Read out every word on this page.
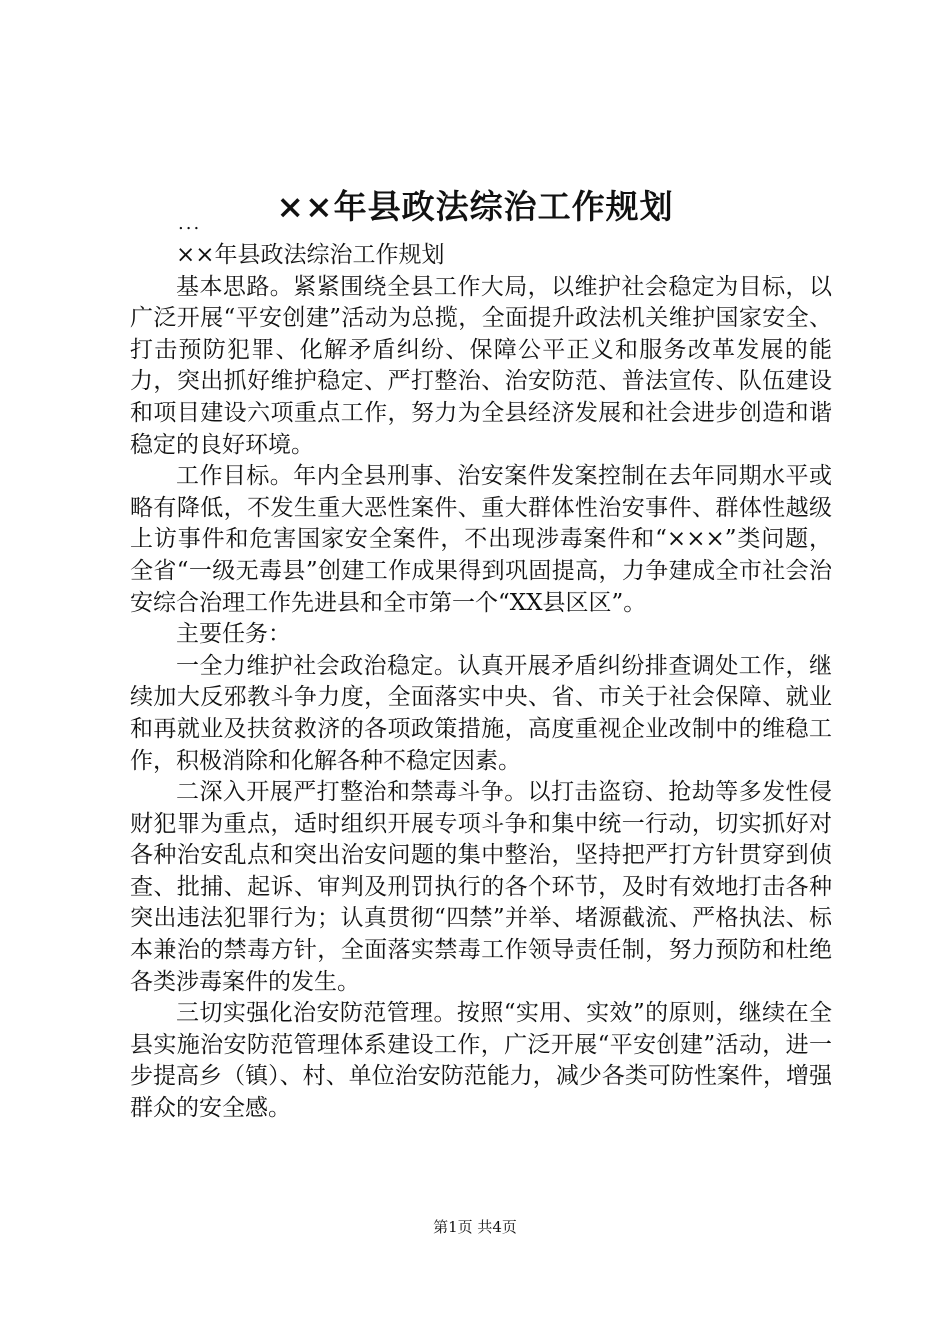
××年县政法综治工作规划
...

××年县政法综治工作规划

基本思路。紧紧围绕全县工作大局，以维护社会稳定为目标，以广泛开展“平安创建”活动为总揽，全面提升政法机关维护国家安全、打击预防犯罪、化解矛盾纠纷、保障公平正义和服务改革发展的能力，突出抓好维护稳定、严打整治、治安防范、普法宣传、队伍建设和项目建设六项重点工作，努力为全县经济发展和社会进步创造和谐稳定的良好环境。

工作目标。年内全县刑事、治安案件发案控制在去年同期水平或略有降低，不发生重大恶性案件、重大群体性治安事件、群体性越级上访事件和危害国家安全案件，不出现涉毒案件和“×××”类问题，全省“一级无毒县”创建工作成果得到巩固提高，力争建成全市社会治安综合治理工作先进县和全市第一个“XX县区区”。

主要任务：

一全力维护社会政治稳定。认真开展矛盾纠纷排查调处工作，继续加大反邪教斗争力度，全面落实中央、省、市关于社会保障、就业和再就业及扶贫救济的各项政策措施，高度重视企业改制中的维稳工作，积极消除和化解各种不稳定因素。

二深入开展严打整治和禁毒斗争。以打击盗窃、抢劫等多发性侵财犯罪为重点，适时组织开展专项斗争和集中统一行动，切实抓好对各种治安乱点和突出治安问题的集中整治，坚持把严打方针贯穿到侦查、批捕、起诉、审判及刑罚执行的各个环节，及时有效地打击各种突出违法犯罪行为；认真贯彻“四禁”并举、堵源截流、严格执法、标本兼治的禁毒方针，全面落实禁毒工作领导责任制，努力预防和杜绝各类涉毒案件的发生。

三切实强化治安防范管理。按照“实用、实效”的原则，继续在全县实施治安防范管理体系建设工作，广泛开展“平安创建”活动，进一步提高乡（镇）、村、单位治安防范能力，减少各类可防性案件，增强群众的安全感。

第1页 共4页
